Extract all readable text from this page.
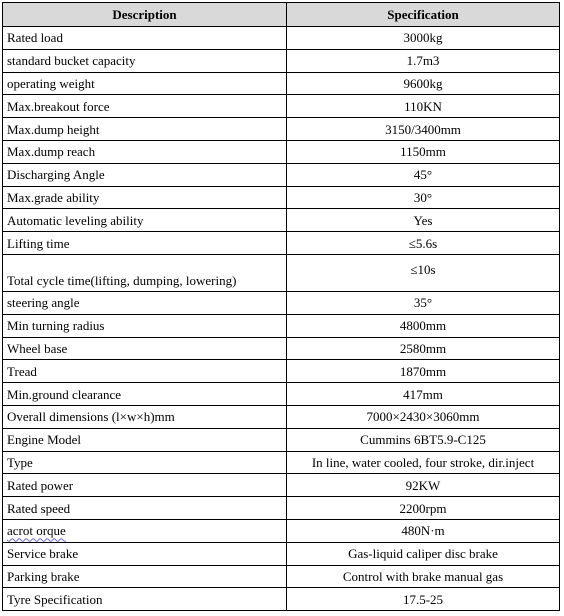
Description	Specification
Rated load	3000kg
standard bucket capacity	1.7m3
operating weight	9600kg
Max.breakout force	110KN
Max.dump height	3150/3400mm
Max.dump reach	1150mm
Discharging Angle	45°
Max.grade ability	30°
Automatic leveling ability	Yes
Lifting time	≤5.6s
Total cycle time(lifting, dumping, lowering)	≤10s
steering angle	35°
Min turning radius	4800mm
Wheel base	2580mm
Tread	1870mm
Min.ground clearance	417mm
Overall dimensions (l×w×h)mm	7000×2430×3060mm
Engine Model	Cummins 6BT5.9-C125
Type	In line, water cooled, four stroke, dir.inject
Rated power	92KW
Rated speed	2200rpm
acrot orque	480N·m
Service brake	Gas-liquid caliper disc brake
Parking brake	Control with brake manual gas
Tyre Specification	17.5-25
